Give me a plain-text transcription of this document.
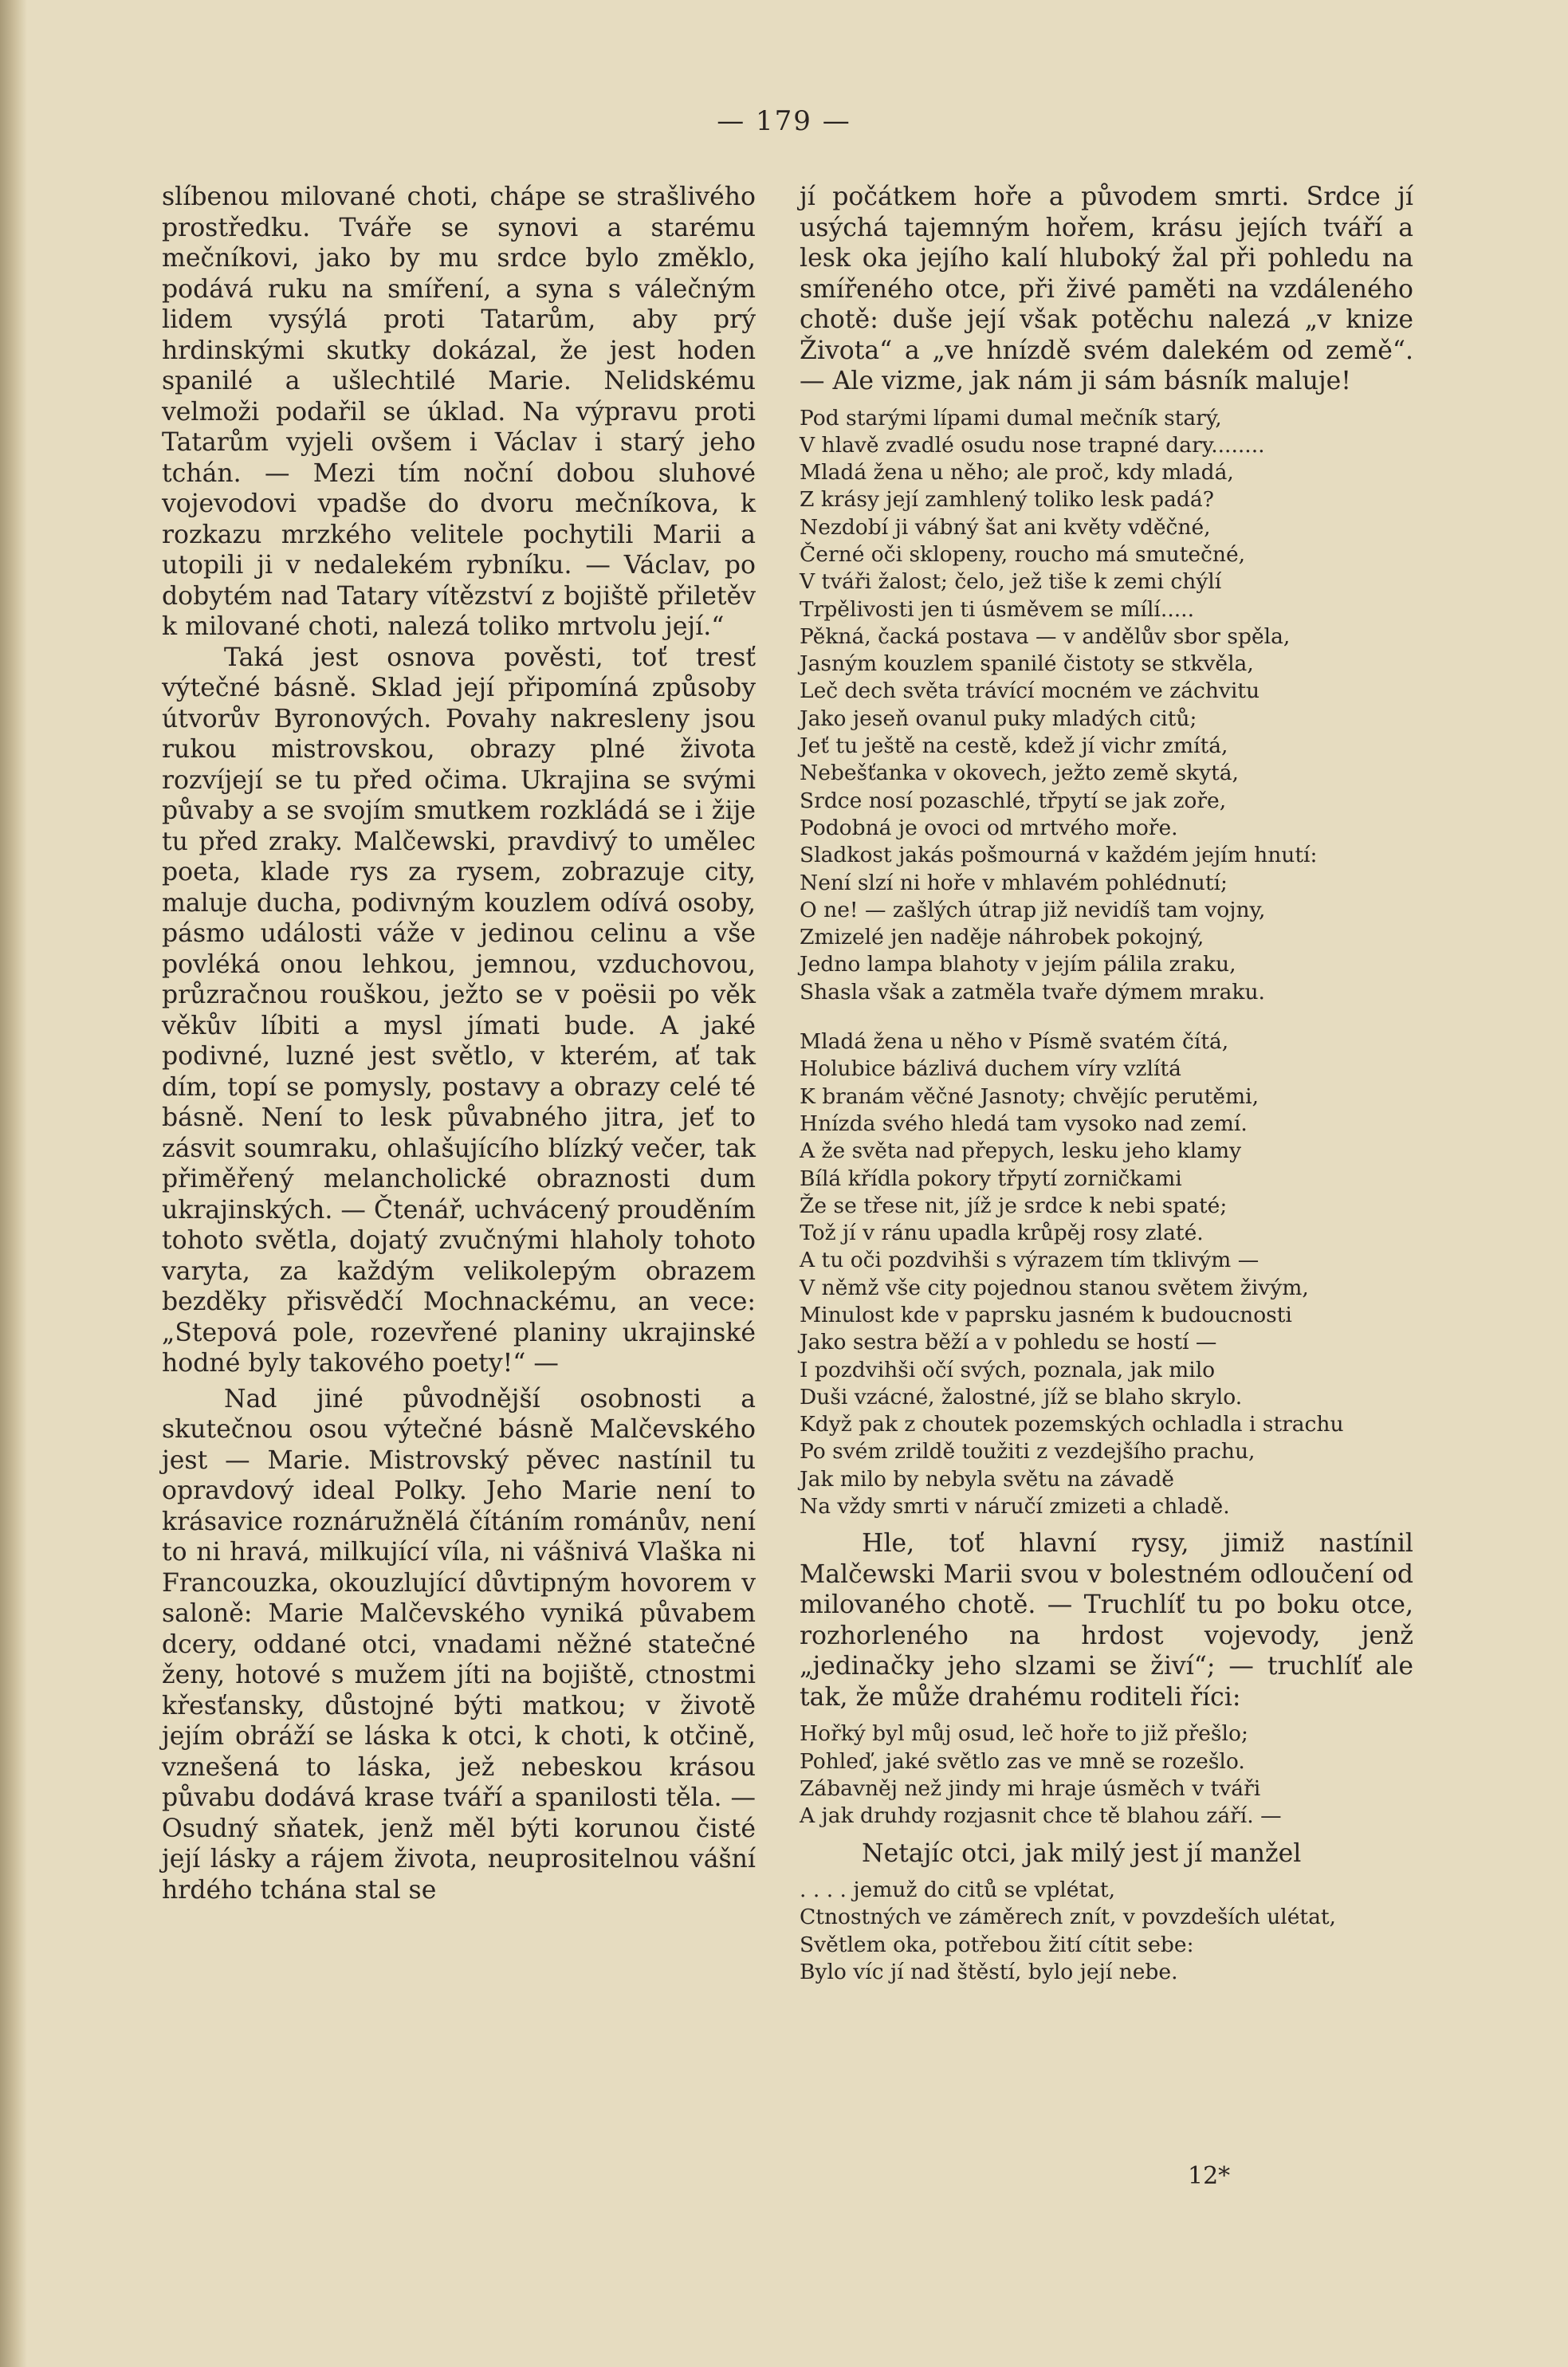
— 179 —

slíbenou milované choti, chápe se strašlivého prostředku. Tváře se synovi a starému mečníkovi, jako by mu srdce bylo změklo, podává ruku na smíření, a syna s válečným lidem vysýlá proti Tatarům, aby prý hrdinskými skutky dokázal, že jest hoden spanilé a ušlechtilé Marie. Nelidskému velmoži podařil se úklad. Na výpravu proti Tatarům vyjeli ovšem i Václav i starý jeho tchán. — Mezi tím noční dobou sluhové vojevodovi vpadše do dvoru mečníkova, k rozkazu mrzkého velitele pochytili Marii a utopili ji v nedalekém rybníku. — Václav, po dobytém nad Tatary vítězství z bojiště přiletěv k milované choti, nalezá toliko mrtvolu její.“

Taká jest osnova pověsti, toť tresť výtečné básně. Sklad její připomíná způsoby útvorův Byronových. Povahy nakresleny jsou rukou mistrovskou, obrazy plné života rozvíjejí se tu před očima. Ukrajina se svými půvaby a se svojím smutkem rozkládá se i žije tu před zraky. Malčewski, pravdivý to umělec poeta, klade rys za rysem, zobrazuje city, maluje ducha, podivným kouzlem odívá osoby, pásmo události váže v jedinou celinu a vše povléká onou lehkou, jemnou, vzduchovou, průzračnou rouškou, ježto se v poësii po věk věkův líbiti a mysl jímati bude. A jaké podivné, luzné jest světlo, v kterém, ať tak dím, topí se pomysly, postavy a obrazy celé té básně. Není to lesk půvabného jitra, jeť to zásvit soumraku, ohlašujícího blízký večer, tak přiměřený melancholické obraznosti dum ukrajinských. — Čtenář, uchvácený prouděním tohoto světla, dojatý zvučnými hlaholy tohoto varyta, za každým velikolepým obrazem bezděky přisvědčí Mochnackému, an vece: „Stepová pole, rozevřené planiny ukrajinské hodné byly takového poety!“ —

Nad jiné původnější osobnosti a skutečnou osou výtečné básně Malčevského jest — Marie. Mistrovský pěvec nastínil tu opravdový ideal Polky. Jeho Marie není to krásavice roznáružnělá čítáním románův, není to ni hravá, milkující víla, ni vášnivá Vlaška ni Francouzka, okouzlující důvtipným hovorem v saloně: Marie Malčevského vyniká půvabem dcery, oddané otci, vnadami něžné statečné ženy, hotové s mužem jíti na bojiště, ctnostmi křesťansky, důstojné býti matkou; v životě jejím obráží se láska k otci, k choti, k otčině, vznešená to láska, jež nebeskou krásou půvabu dodává krase tváří a spanilosti těla. — Osudný sňatek, jenž měl býti korunou čisté její lásky a rájem života, neuprositelnou vášní hrdého tchána stal se

jí počátkem hoře a původem smrti. Srdce jí usýchá tajemným hořem, krásu jejích tváří a lesk oka jejího kalí hluboký žal při pohledu na smířeného otce, při živé paměti na vzdáleného chotě: duše její však potěchu nalezá „v knize Života“ a „ve hnízdě svém dalekém od země“. — Ale vizme, jak nám ji sám básník maluje!

Pod starými lípami dumal mečník starý,
V hlavě zvadlé osudu nose trapné dary........
Mladá žena u něho; ale proč, kdy mladá,
Z krásy její zamhlený toliko lesk padá?
Nezdobí ji vábný šat ani květy vděčné,
Černé oči sklopeny, roucho má smutečné,
V tváři žalost; čelo, jež tiše k zemi chýlí
Trpělivosti jen ti úsměvem se mílí.....
Pěkná, čacká postava — v andělův sbor spěla,
Jasným kouzlem spanilé čistoty se stkvěla,
Leč dech světa trávící mocném ve záchvitu
Jako jeseň ovanul puky mladých citů;
Jeť tu ještě na cestě, kdež jí vichr zmítá,
Nebešťanka v okovech, ježto země skytá,
Srdce nosí pozaschlé, třpytí se jak zoře,
Podobná je ovoci od mrtvého moře.
Sladkost jakás pošmourná v každém jejím hnutí:
Není slzí ni hoře v mhlavém pohlédnutí;
O ne! — zašlých útrap již nevidíš tam vojny,
Zmizelé jen naděje náhrobek pokojný,
Jedno lampa blahoty v jejím pálila zraku,
Shasla však a zatměla tvaře dýmem mraku.
Mladá žena u něho v Písmě svatém čítá,
Holubice bázlivá duchem víry vzlítá
K branám věčné Jasnoty; chvějíc perutěmi,
Hnízda svého hledá tam vysoko nad zemí.
A že světa nad přepych, lesku jeho klamy
Bílá křídla pokory třpytí zorničkami
Že se třese nit, jíž je srdce k nebi spaté;
Tož jí v ránu upadla krůpěj rosy zlaté.
A tu oči pozdvihši s výrazem tím tklivým —
V němž vše city pojednou stanou světem živým,
Minulost kde v paprsku jasném k budoucnosti
Jako sestra běží a v pohledu se hostí —
I pozdvihši očí svých, poznala, jak milo
Duši vzácné, žalostné, jíž se blaho skrylo.
Když pak z choutek pozemských ochladla i strachu
Po svém zrildě toužiti z vezdejšího prachu,
Jak milo by nebyla světu na závadě
Na vždy smrti v náručí zmizeti a chladě.

Hle, toť hlavní rysy, jimiž nastínil Malčewski Marii svou v bolestném odloučení od milovaného chotě. — Truchlíť tu po boku otce, rozhorleného na hrdost vojevody, jenž „jedinačky jeho slzami se živí“; — truchlíť ale tak, že může drahému roditeli říci:

Hořký byl můj osud, leč hoře to již přešlo;
Pohleď, jaké světlo zas ve mně se rozešlo.
Zábavněj než jindy mi hraje úsměch v tváři
A jak druhdy rozjasnit chce tě blahou září. —

Netajíc otci, jak milý jest jí manžel

. . . . jemuž do citů se vplétat,
Ctnostných ve záměrech znít, v povzdeších ulétat,
Světlem oka, potřebou žití cítit sebe:
Bylo víc jí nad štěstí, bylo její nebe.
12*
